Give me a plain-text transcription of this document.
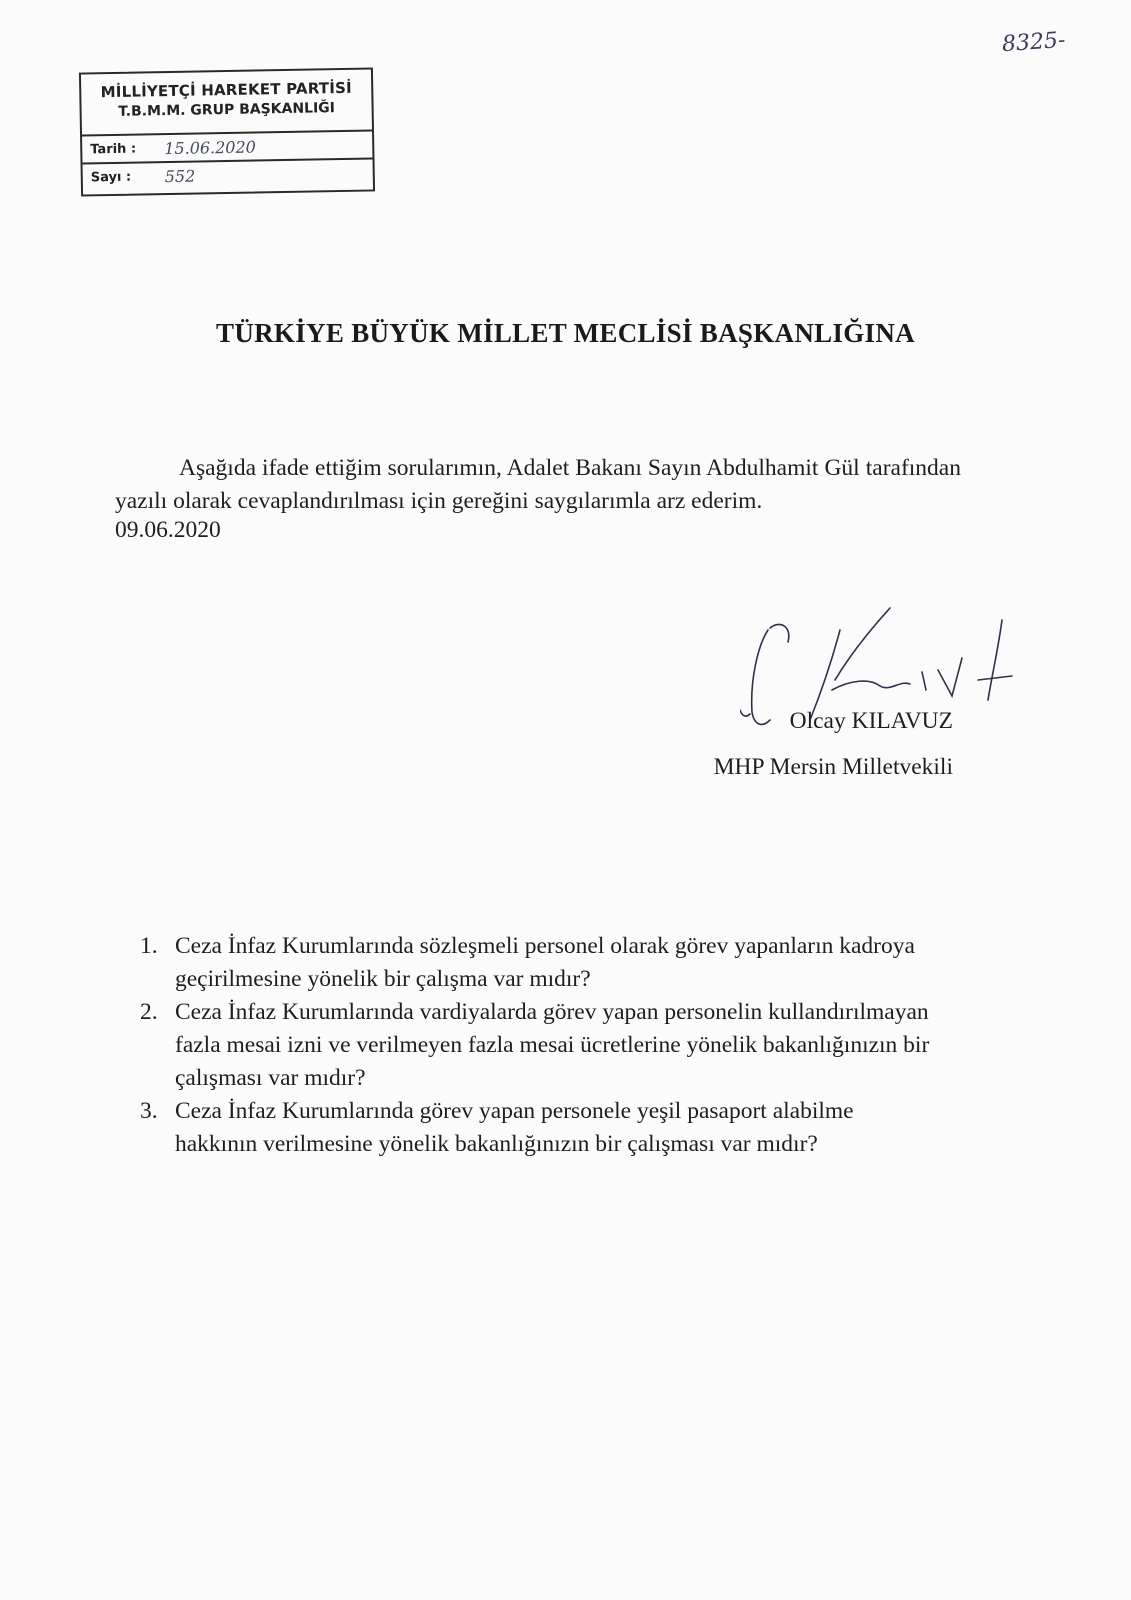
8325-
MİLLİYETÇİ HAREKET PARTİSİ
T.B.M.M. GRUP BAŞKANLIĞI
Tarih : 15.06.2020
Sayı : 552
TÜRKİYE BÜYÜK MİLLET MECLİSİ BAŞKANLIĞINA
Aşağıda ifade ettiğim sorularımın, Adalet Bakanı Sayın Abdulhamit Gül tarafından yazılı olarak cevaplandırılması için gereğini saygılarımla arz ederim.
09.06.2020
Olcay KILAVUZ
MHP Mersin Milletvekili
1. Ceza İnfaz Kurumlarında sözleşmeli personel olarak görev yapanların kadroya geçirilmesine yönelik bir çalışma var mıdır?
2. Ceza İnfaz Kurumlarında vardiyalarda görev yapan personelin kullandırılmayan fazla mesai izni ve verilmeyen fazla mesai ücretlerine yönelik bakanlığınızın bir çalışması var mıdır?
3. Ceza İnfaz Kurumlarında görev yapan personele yeşil pasaport alabilme hakkının verilmesine yönelik bakanlığınızın bir çalışması var mıdır?
